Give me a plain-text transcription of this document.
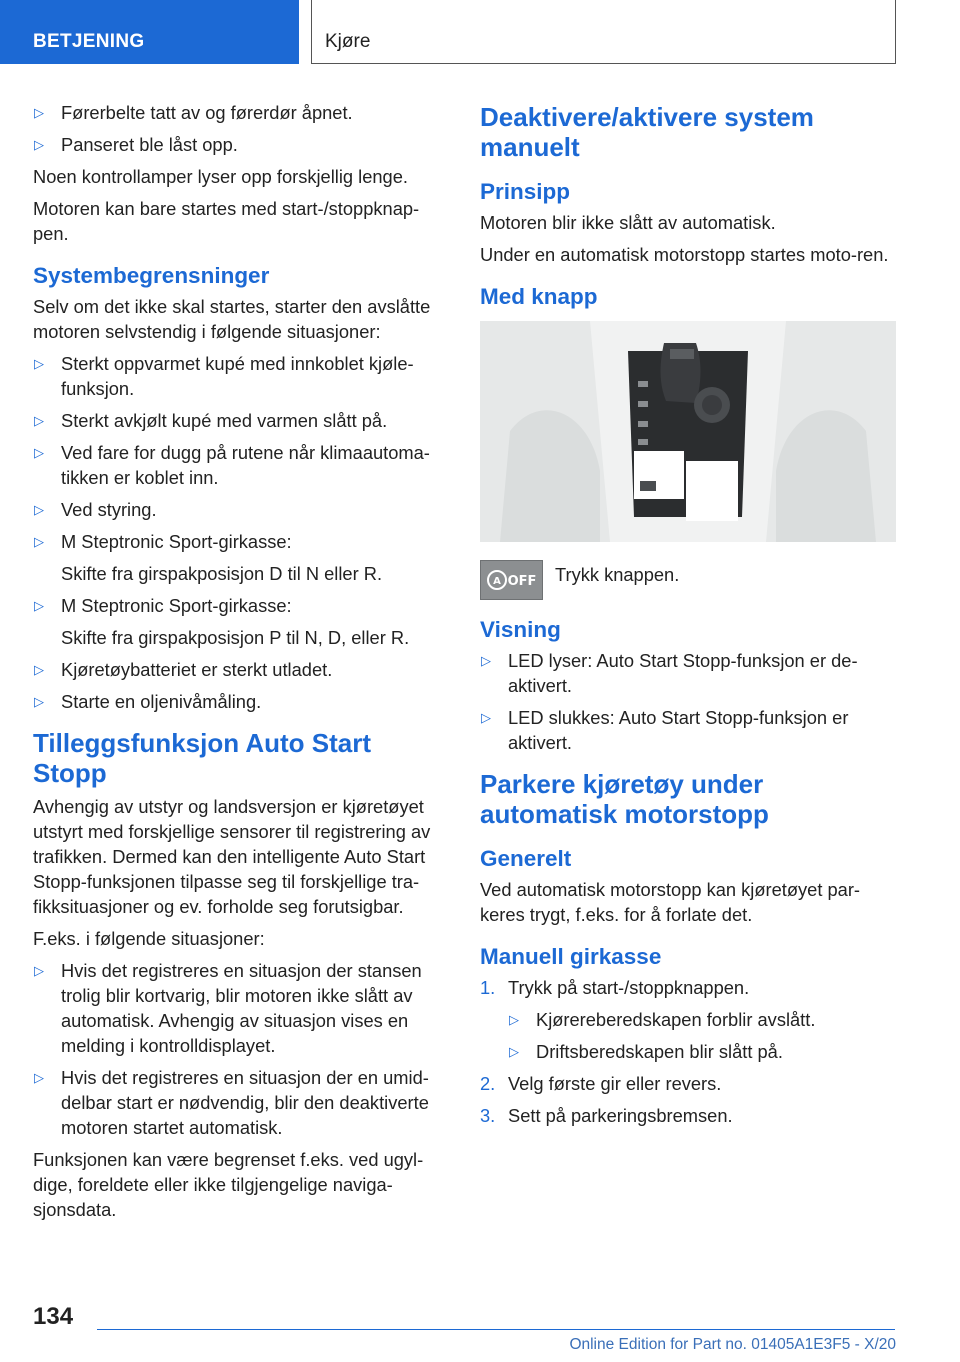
BETJENING	Kjøre
▷ Førerbelte tatt av og førerdør åpnet.
▷ Panseret ble låst opp.
Noen kontrollamper lyser opp forskjellig lenge.
Motoren kan bare startes med start-/stoppknap-pen.
Systembegrensninger
Selv om det ikke skal startes, starter den avslåtte motoren selvstendig i følgende situasjoner:
▷ Sterkt oppvarmet kupé med innkoblet kjøle-funksjon.
▷ Sterkt avkjølt kupé med varmen slått på.
▷ Ved fare for dugg på rutene når klimaautoma-tikken er koblet inn.
▷ Ved styring.
▷ M Steptronic Sport-girkasse:
Skifte fra girspakposisjon D til N eller R.
▷ M Steptronic Sport-girkasse:
Skifte fra girspakposisjon P til N, D, eller R.
▷ Kjøretøybatteriet er sterkt utladet.
▷ Starte en oljenivåmåling.
Tilleggsfunksjon Auto Start Stopp
Avhengig av utstyr og landsversjon er kjøretøyet utstyrt med forskjellige sensorer til registrering av trafikken. Dermed kan den intelligente Auto Start Stopp-funksjonen tilpasse seg til forskjellige tra-fikksituasjoner og ev. forholde seg forutsigbar.
F.eks. i følgende situasjoner:
▷ Hvis det registreres en situasjon der stansen trolig blir kortvarig, blir motoren ikke slått av automatisk. Avhengig av situasjon vises en melding i kontrolldisplayet.
▷ Hvis det registreres en situasjon der en umid-delbar start er nødvendig, blir den deaktiverte motoren startet automatisk.
Funksjonen kan være begrenset f.eks. ved ugyl-dige, foreldete eller ikke tilgjengelige naviga-sjonsdata.
Deaktivere/aktivere system manuelt
Prinsipp
Motoren blir ikke slått av automatisk.
Under en automatisk motorstopp startes moto-ren.
Med knapp
A OFF Trykk knappen.
Visning
▷ LED lyser: Auto Start Stopp-funksjon er de-aktivert.
▷ LED slukkes: Auto Start Stopp-funksjon er aktivert.
Parkere kjøretøy under automatisk motorstopp
Generelt
Ved automatisk motorstopp kan kjøretøyet par-keres trygt, f.eks. for å forlate det.
Manuell girkasse
1. Trykk på start-/stoppknappen.
▷ Kjørereberedskapen forblir avslått.
▷ Driftsberedskapen blir slått på.
2. Velg første gir eller revers.
3. Sett på parkeringsbremsen.
134
Online Edition for Part no. 01405A1E3F5 - X/20
